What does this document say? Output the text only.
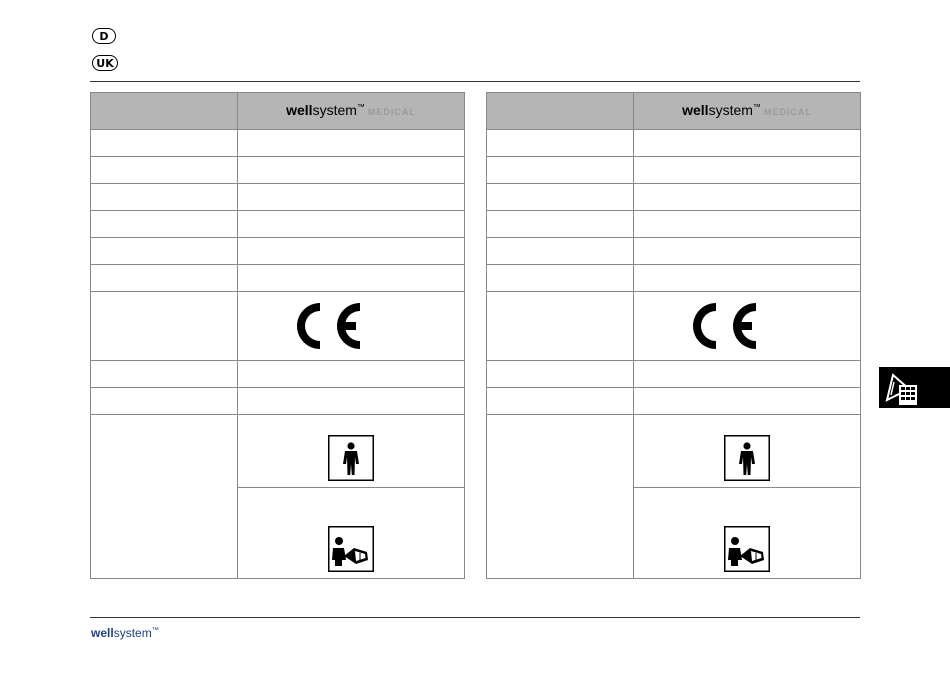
D
UK
	wellsystem™MEDICAL

		wellsystem™MEDICAL

wellsystem™
